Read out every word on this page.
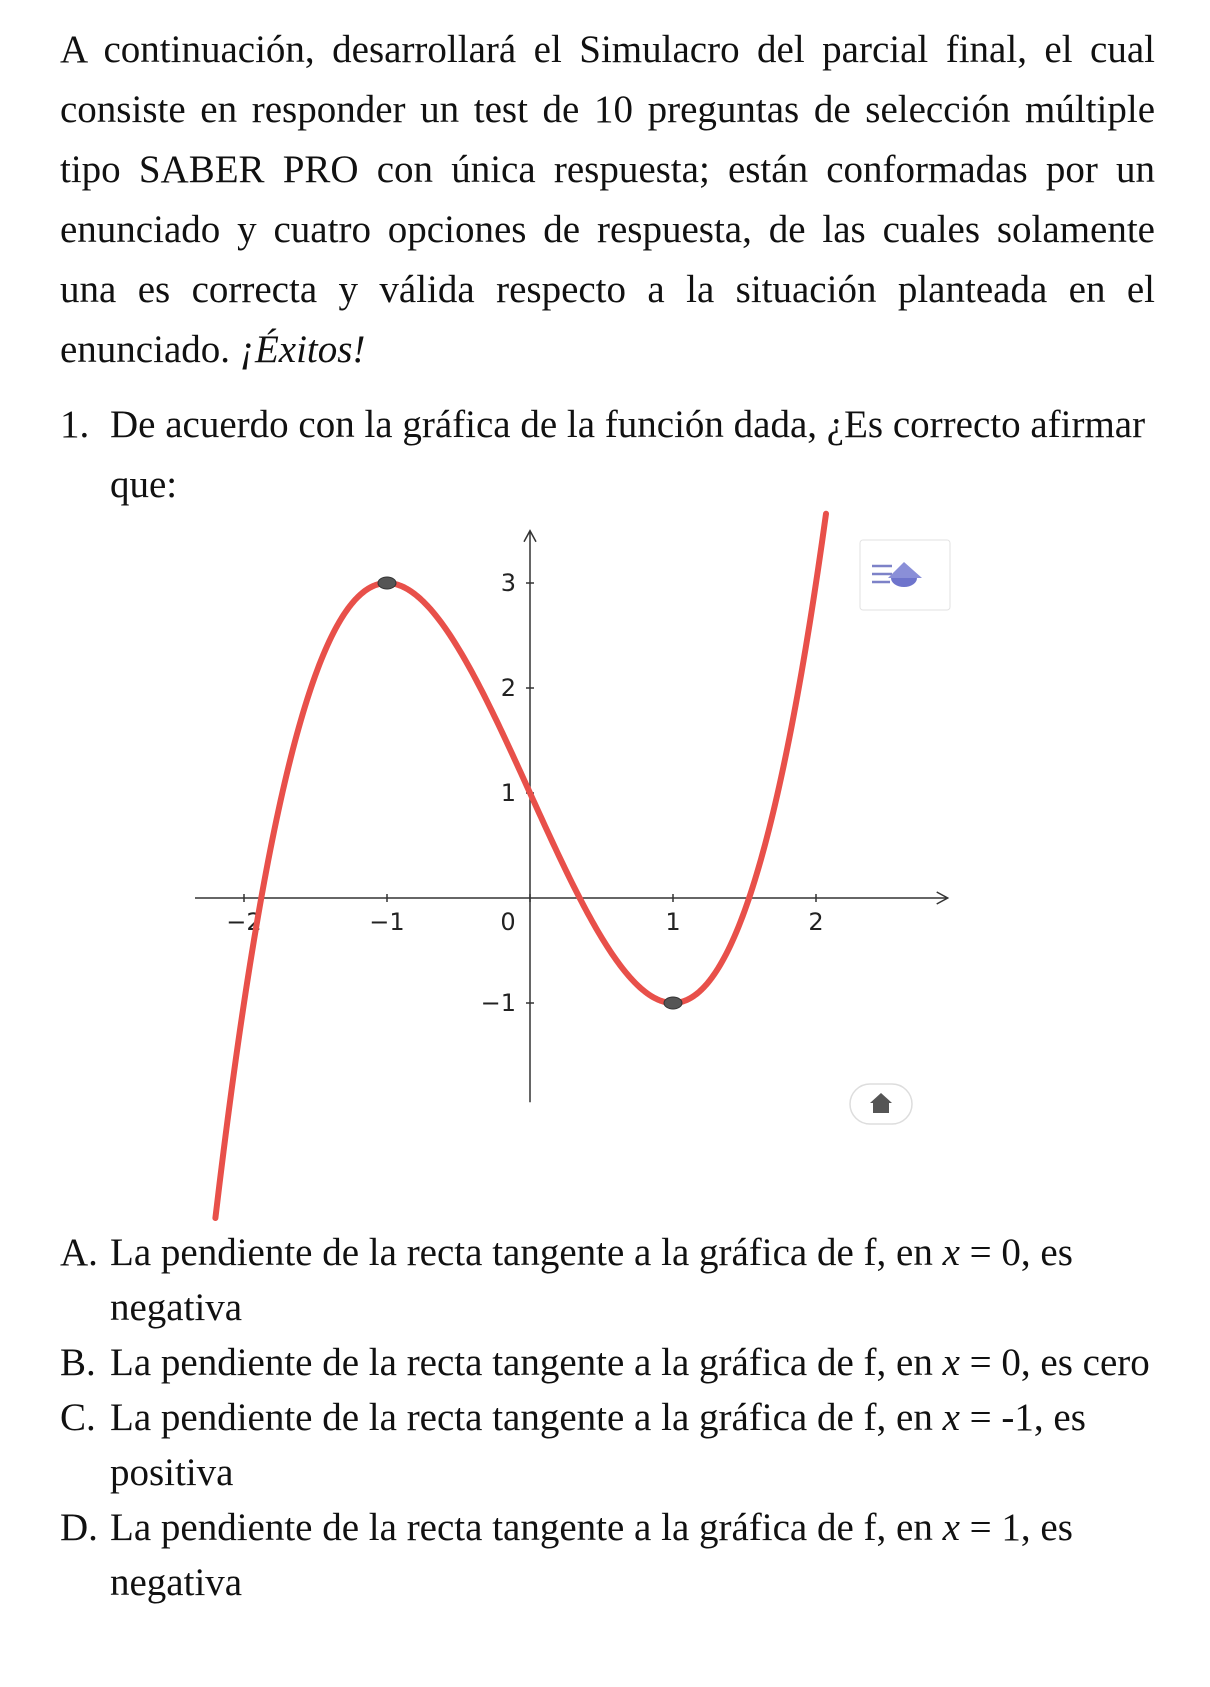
A continuación, desarrollará el Simulacro del parcial final, el cual consiste en responder un test de 10 preguntas de selección múltiple tipo SABER PRO con única respuesta; están conformadas por un enunciado y cuatro opciones de respuesta, de las cuales solamente una es correcta y válida respecto a la situación planteada en el enunciado. ¡Éxitos!

1. De acuerdo con la gráfica de la función dada, ¿Es correcto afirmar que:
−2	−1	0	1	2
−1
1
2
3
A. La pendiente de la recta tangente a la gráfica de f, en x = 0, es negativa
B. La pendiente de la recta tangente a la gráfica de f, en x = 0, es cero
C. La pendiente de la recta tangente a la gráfica de f, en x = -1, es positiva
D. La pendiente de la recta tangente a la gráfica de f, en x = 1, es negativa
